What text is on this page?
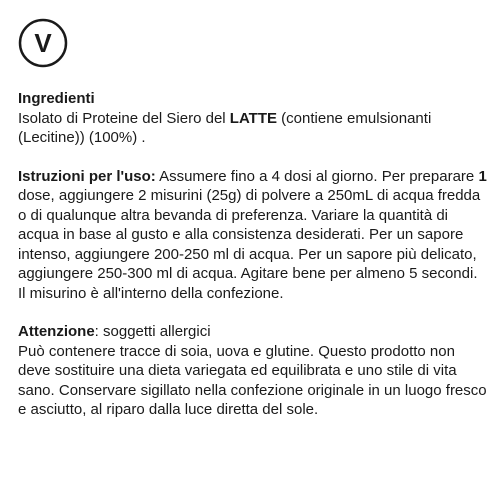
V
Ingredienti

Isolato di Proteine del Siero del LATTE (contiene emulsionanti (Lecitine)) (100%) .

Istruzioni per l'uso: Assumere fino a 4 dosi al giorno. Per preparare 1 dose, aggiungere 2 misurini (25g) di polvere a 250mL di acqua fredda o di qualunque altra bevanda di preferenza. Variare la quantità di acqua in base al gusto e alla consistenza desiderati. Per un sapore intenso, aggiungere 200-250 ml di acqua. Per un sapore più delicato, aggiungere 250-300 ml di acqua. Agitare bene per almeno 5 secondi. Il misurino è all'interno della confezione.

Attenzione: soggetti allergici

Può contenere tracce di soia, uova e glutine. Questo prodotto non deve sostituire una dieta variegata ed equilibrata e uno stile di vita sano. Conservare sigillato nella confezione originale in un luogo fresco e asciutto, al riparo dalla luce diretta del sole.
